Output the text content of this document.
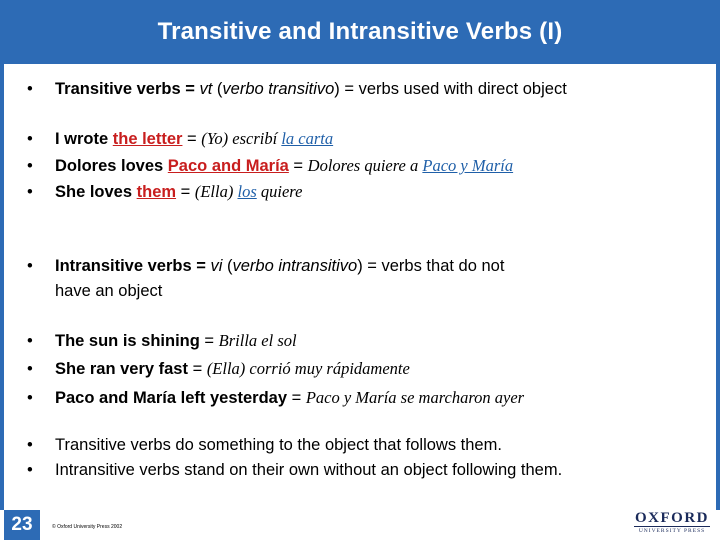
Transitive and Intransitive Verbs (I)
• Transitive verbs = vt (verbo transitivo) = verbs used with direct object
• I wrote the letter = (Yo) escribí la carta
• Dolores loves Paco and María = Dolores quiere a Paco y María
• She loves them = (Ella) los quiere
• Intransitive verbs = vi (verbo intransitivo) = verbs that do not
have an object
• The sun is shining = Brilla el sol
• She ran very fast = (Ella) corrió muy rápidamente
• Paco and María left yesterday = Paco y María se marcharon ayer
• Transitive verbs do something to the object that follows them.
• Intransitive verbs stand on their own without an object following them.
23	© Oxford University Press 2002
OXFORD
UNIVERSITY PRESS
